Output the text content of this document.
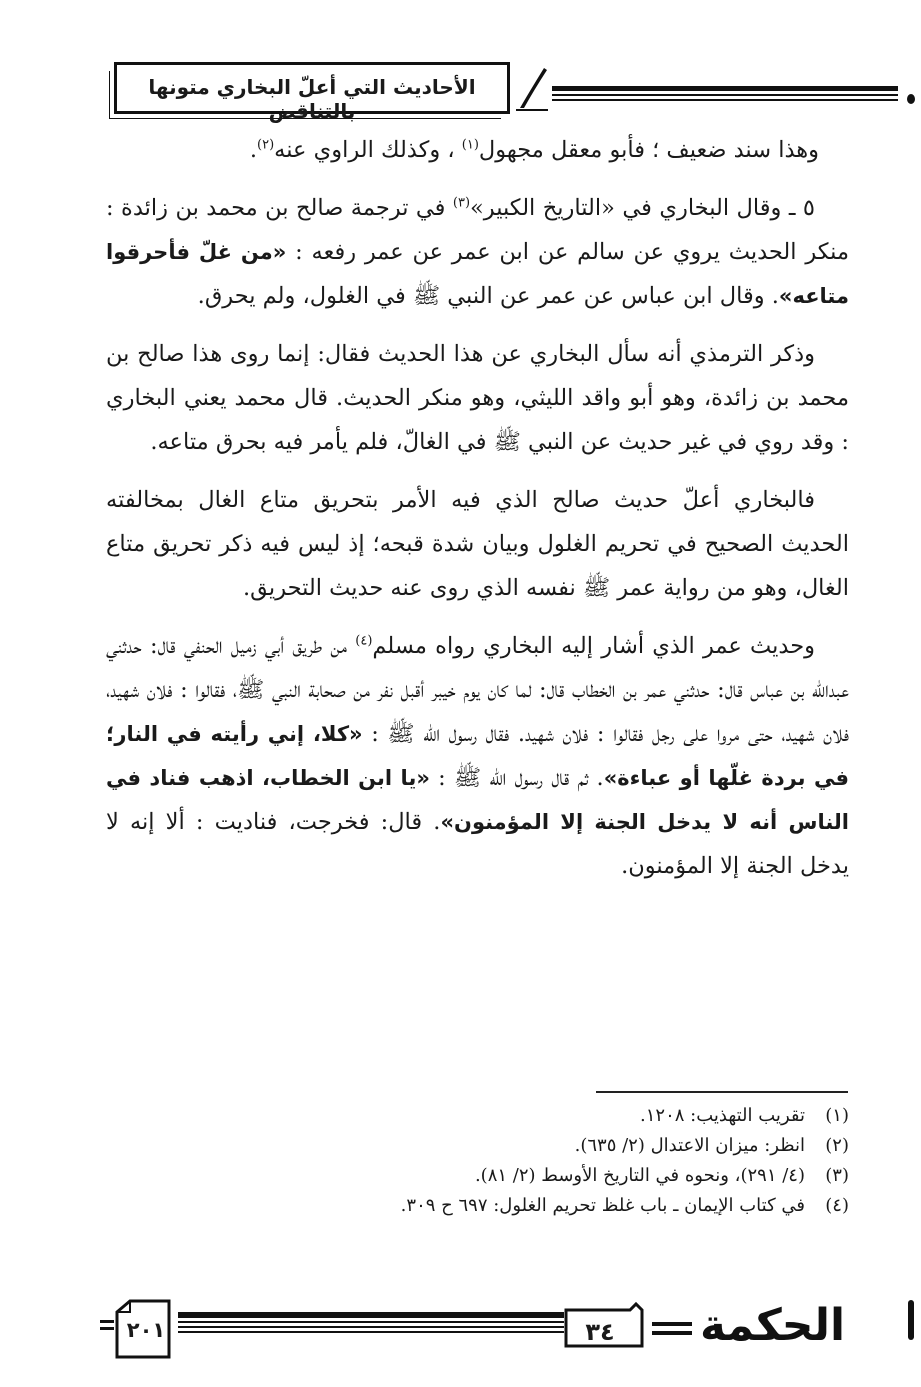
الأحاديث التي أعلّ البخاري متونها بالتناقض

وهذا سند ضعيف ؛ فأبو معقل مجهول$^{(١)}$ ، وكذلك الراوي عنه$^{(٢)}$.

٥ ـ وقال البخاري في «التاريخ الكبير»$^{(٣)}$ في ترجمة صالح بن محمد بن زائدة : منكر الحديث يروي عن سالم عن ابن عمر عن عمر رفعه : «من غلّ فأحرقوا متاعه». وقال ابن عباس عن عمر عن النبي ﷺ في الغلول، ولم يحرق.

وذكر الترمذي أنه سأل البخاري عن هذا الحديث فقال: إنما روى هذا صالح بن محمد بن زائدة، وهو أبو واقد الليثي، وهو منكر الحديث. قال محمد يعني البخاري : وقد روي في غير حديث عن النبي ﷺ في الغالّ، فلم يأمر فيه بحرق متاعه.

فالبخاري أعلّ حديث صالح الذي فيه الأمر بتحريق متاع الغال بمخالفته الحديث الصحيح في تحريم الغلول وبيان شدة قبحه؛ إذ ليس فيه ذكر تحريق متاع الغال، وهو من رواية عمر ﷺ نفسه الذي روى عنه حديث التحريق.

وحديث عمر الذي أشار إليه البخاري رواه مسلم$^{(٤)}$ من طريق أبي زميل الحنفي قال: حدثني عبدالله بن عباس قال: حدثني عمر بن الخطاب قال: لما كان يوم خيبر أقبل نفر من صحابة النبي ﷺ، فقالوا : فلان شهيد، فلان شهيد، حتى مروا على رجل فقالوا : فلان شهيد. فقال رسول الله ﷺ : «كلا، إني رأيته في النار؛ في بردة غلّها أو عباءة». ثم قال رسول الله ﷺ : «يا ابن الخطاب، اذهب فناد في الناس أنه لا يدخل الجنة إلا المؤمنون». قال: فخرجت، فناديت : ألا إنه لا يدخل الجنة إلا المؤمنون.

(١)تقريب التهذيب: ١٢٠٨.
(٢)انظر: ميزان الاعتدال (٢/ ٦٣٥).
(٣)(٤/ ٢٩١)، ونحوه في التاريخ الأوسط (٢/ ٨١).
(٤)في كتاب الإيمان ـ باب غلظ تحريم الغلول: ٦٩٧ ح ٣٠٩.
٢٠١	٣٤ الحكمة
